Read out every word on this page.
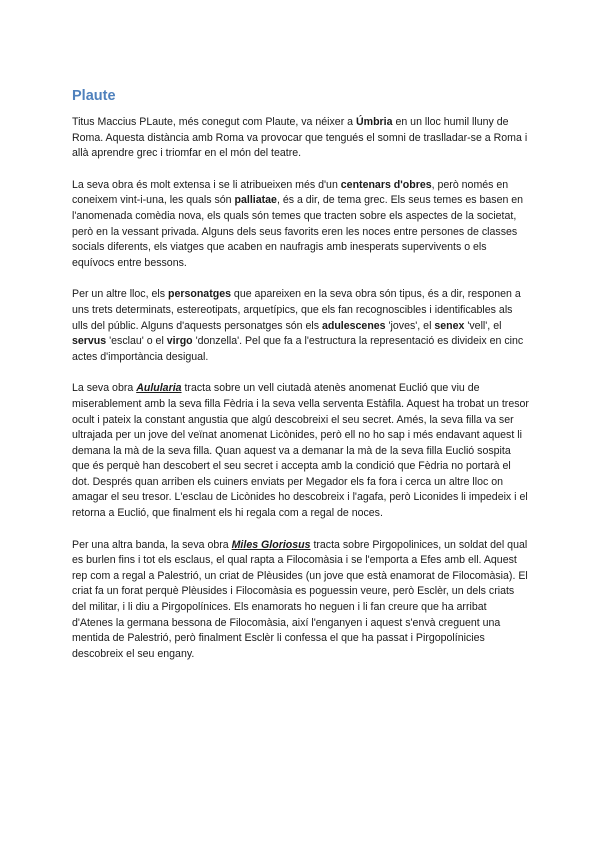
Plaute

Titus Maccius PLaute, més conegut com Plaute, va néixer a Úmbria en un lloc humil lluny de Roma. Aquesta distància amb Roma va provocar que tengués el somni de traslladar-se a Roma i allà aprendre grec i triomfar en el món del teatre.

La seva obra és molt extensa i se li atribueixen més d'un centenars d'obres, però només en coneixem vint-i-una, les quals són palliatae, és a dir, de tema grec. Els seus temes es basen en l'anomenada comèdia nova, els quals són temes que tracten sobre els aspectes de la societat, però en la vessant privada. Alguns dels seus favorits eren les noces entre persones de classes socials diferents, els viatges que acaben en naufragis amb inesperats supervivents o els equívocs entre bessons.

Per un altre lloc, els personatges que apareixen en la seva obra són tipus, és a dir, responen a uns trets determinats, estereotipats, arquetípics, que els fan recognoscibles i identificables als ulls del públic. Alguns d'aquests personatges són els adulescenes 'joves', el senex 'vell', el servus 'esclau' o el virgo 'donzella'. Pel que fa a l'estructura la representació es divideix en cinc actes d'importància desigual.

La seva obra Aulularia tracta sobre un vell ciutadà atenès anomenat Euclió que viu de miserablement amb la seva filla Fèdria i la seva vella serventa Estàfila. Aquest ha trobat un tresor ocult i pateix la constant angustia que algú descobreixi el seu secret. Amés, la seva filla va ser ultrajada per un jove del veïnat anomenat Licònides, però ell no ho sap i més endavant aquest li demana la mà de la seva filla. Quan aquest va a demanar la mà de la seva filla Euclió sospita que és perquè han descobert el seu secret i accepta amb la condició que Fèdria no portarà el dot. Després quan arriben els cuiners enviats per Megador els fa fora i cerca un altre lloc on amagar el seu tresor. L'esclau de Licònides ho descobreix i l'agafa, però Liconides li impedeix i el retorna a Euclió, que finalment els hi regala com a regal de noces.

Per una altra banda, la seva obra Miles Gloriosus tracta sobre Pirgopolinices, un soldat del qual es burlen fins i tot els esclaus, el qual rapta a Filocomàsia i se l'emporta a Efes amb ell. Aquest rep com a regal a Palestrió, un criat de Plèusides (un jove que està enamorat de Filocomàsia). El criat fa un forat perquè Plèusides i Filocomàsia es poguessin veure, però Esclèr, un dels criats del militar, i li diu a Pirgopolínices. Els enamorats ho neguen i li fan creure que ha arribat d'Atenes la germana bessona de Filocomàsia, així l'enganyen i aquest s'envà creguent una mentida de Palestrió, però finalment Esclèr li confessa el que ha passat i Pirgopolínicies descobreix el seu engany.
